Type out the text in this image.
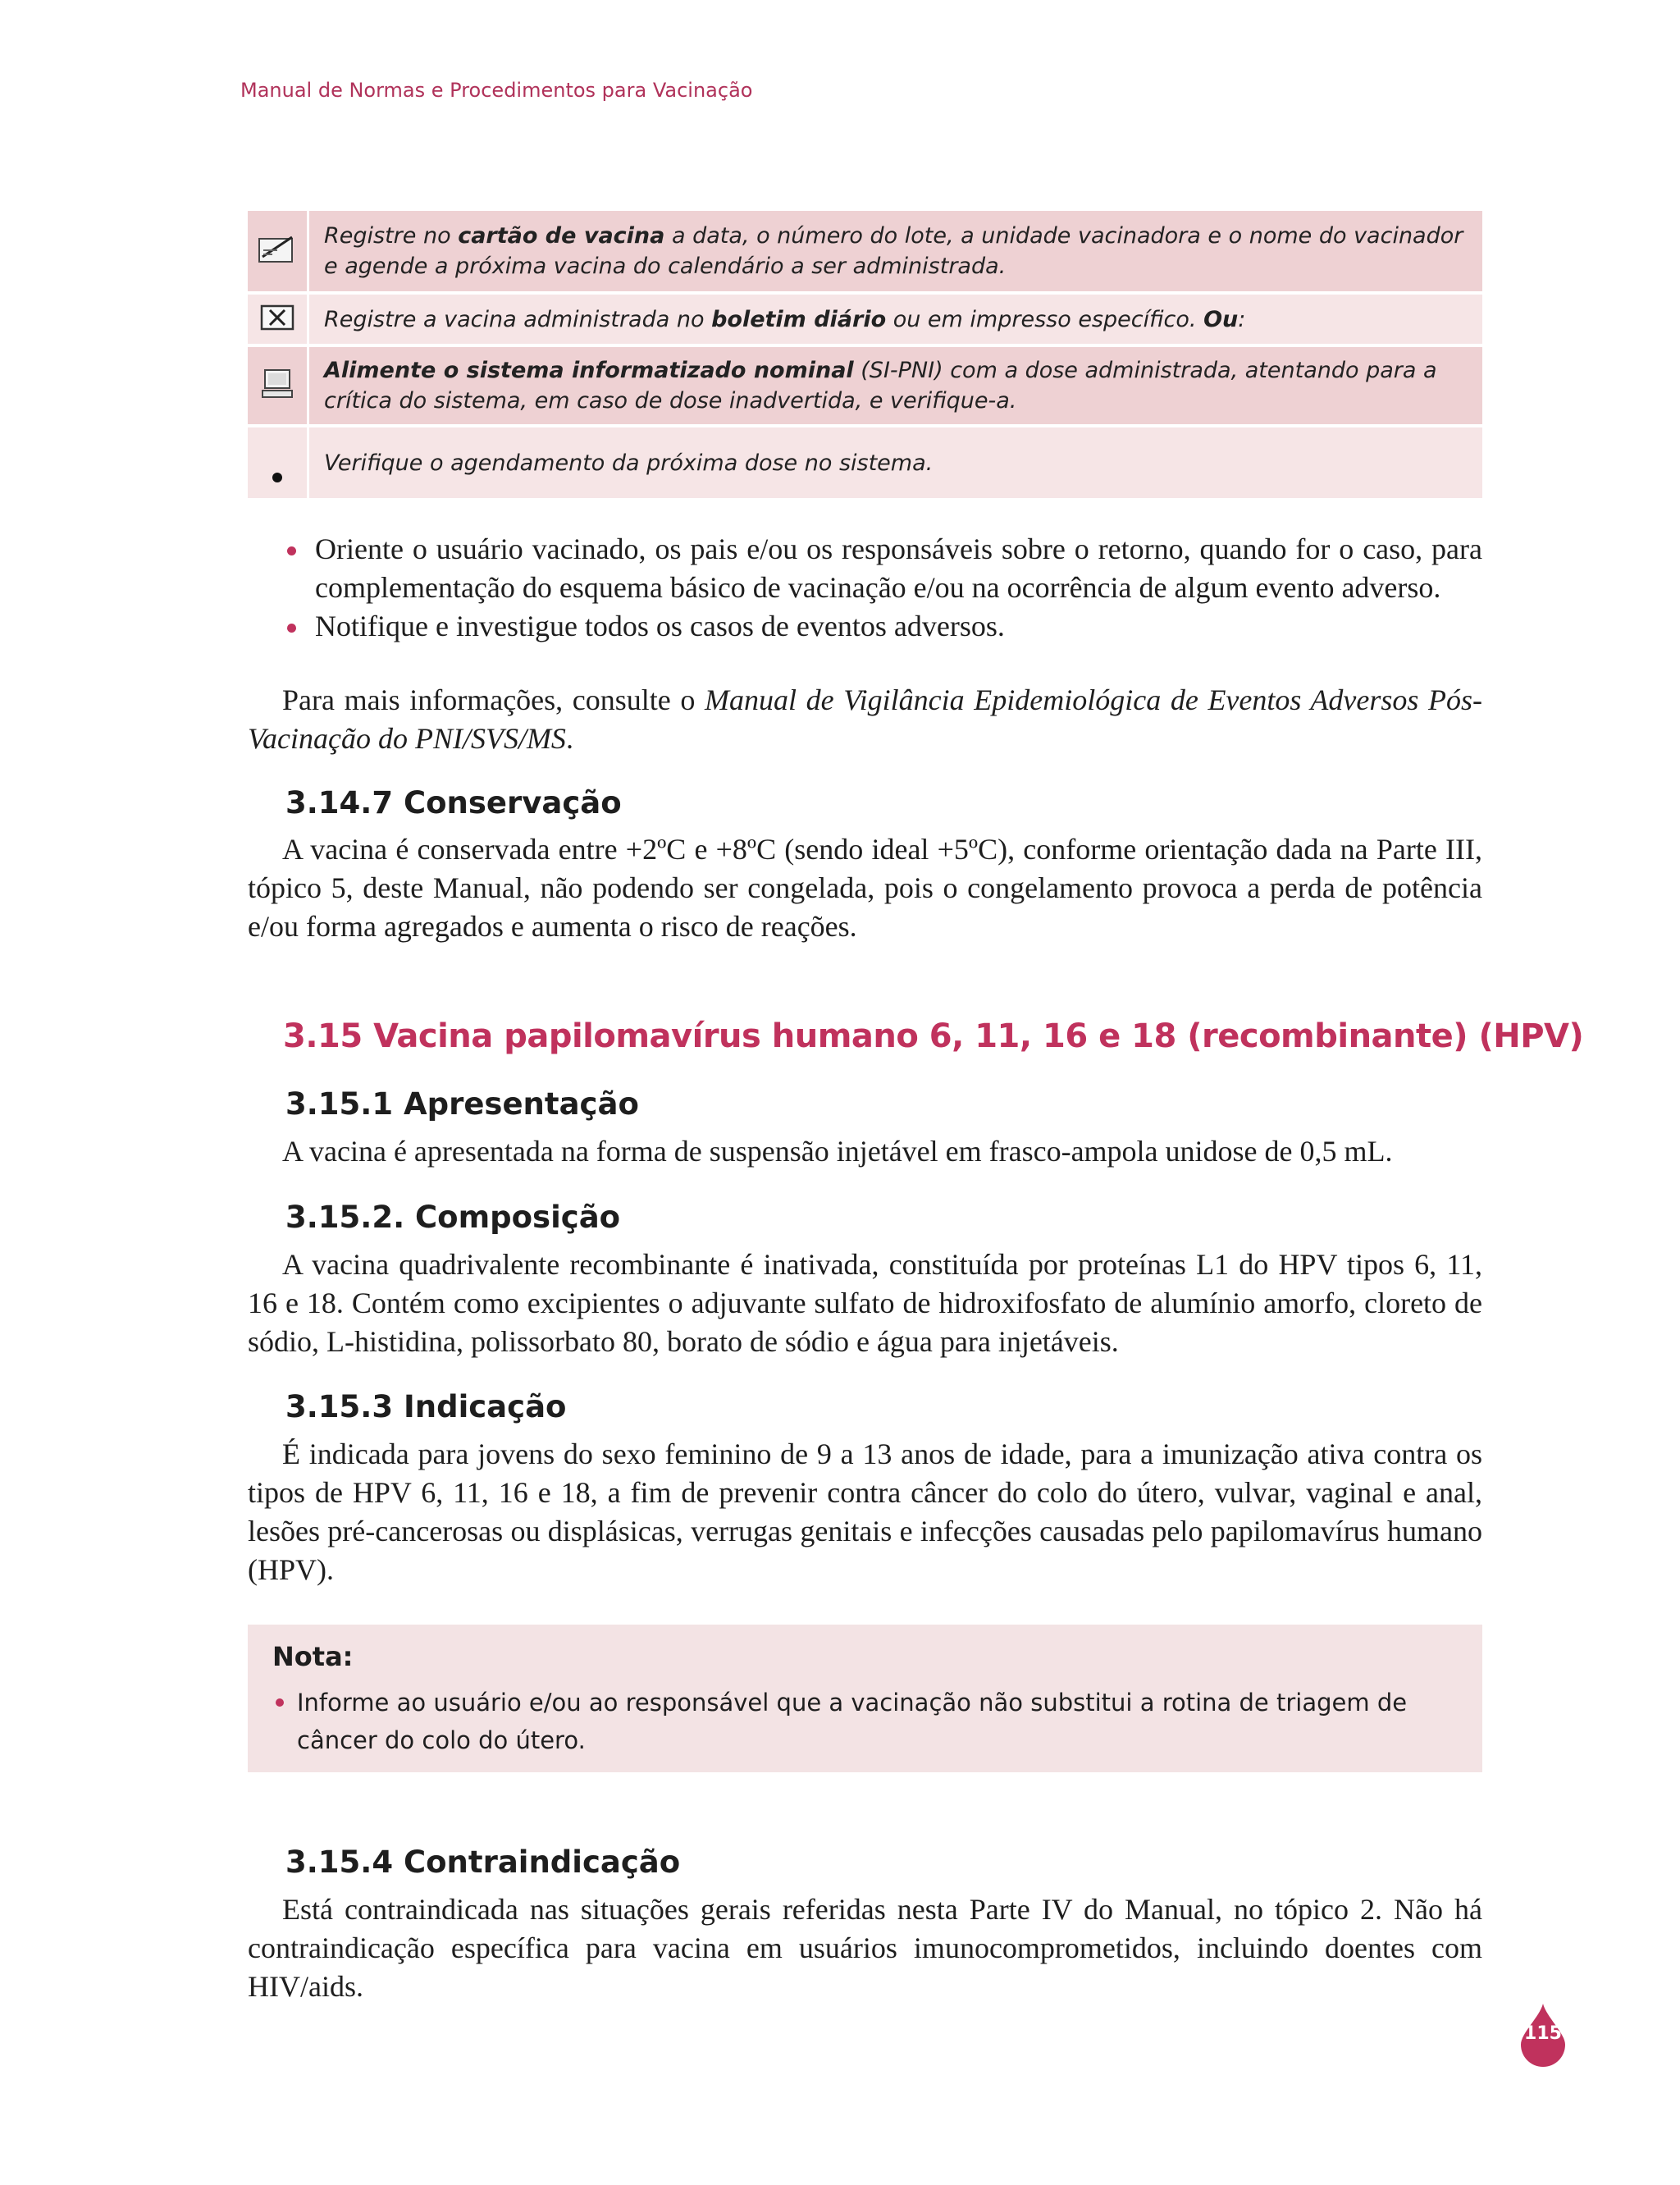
Manual de Normas e Procedimentos para Vacinação
	Registre no cartão de vacina a data, o número do lote, a unidade vacinadora e o nome do vacinador e agende a próxima vacina do calendário a ser administrada.
	Registre a vacina administrada no boletim diário ou em impresso específico. Ou:
	Alimente o sistema informatizado nominal (SI-PNI) com a dose administrada, atentando para a crítica do sistema, em caso de dose inadvertida, e verifique-a.
	Verifique o agendamento da próxima dose no sistema.
Oriente o usuário vacinado, os pais e/ou os responsáveis sobre o retorno, quando for o caso, para complementação do esquema básico de vacinação e/ou na ocorrência de algum evento adverso.
Notifique e investigue todos os casos de eventos adversos.

Para mais informações, consulte o Manual de Vigilância Epidemiológica de Eventos Adversos Pós-Vacinação do PNI/SVS/MS.

3.14.7 Conservação

A vacina é conservada entre +2ºC e +8ºC (sendo ideal +5ºC), conforme orientação dada na Parte III, tópico 5, deste Manual, não podendo ser congelada, pois o congelamento provoca a perda de potência e/ou forma agregados e aumenta o risco de reações.

3.15 Vacina papilomavírus humano 6, 11, 16 e 18 (recombinante) (HPV)
3.15.1 Apresentação

A vacina é apresentada na forma de suspensão injetável em frasco-ampola unidose de 0,5 mL.

3.15.2. Composição

A vacina quadrivalente recombinante é inativada, constituída por proteínas L1 do HPV tipos 6, 11, 16 e 18. Contém como excipientes o adjuvante sulfato de hidroxifosfato de alumínio amorfo, cloreto de sódio, L-histidina, polissorbato 80, borato de sódio e água para injetáveis.

3.15.3 Indicação

É indicada para jovens do sexo feminino de 9 a 13 anos de idade, para a imunização ativa contra os tipos de HPV 6, 11, 16 e 18, a fim de prevenir contra câncer do colo do útero, vulvar, vaginal e anal, lesões pré-cancerosas ou displásicas, verrugas genitais e infecções causadas pelo papilomavírus humano (HPV).

Nota:
Informe ao usuário e/ou ao responsável que a vacinação não substitui a rotina de triagem de câncer do colo do útero.
3.15.4 Contraindicação

Está contraindicada nas situações gerais referidas nesta Parte IV do Manual, no tópico 2. Não há contraindicação específica para vacina em usuários imunocomprometidos, incluindo doentes com HIV/aids.

115
